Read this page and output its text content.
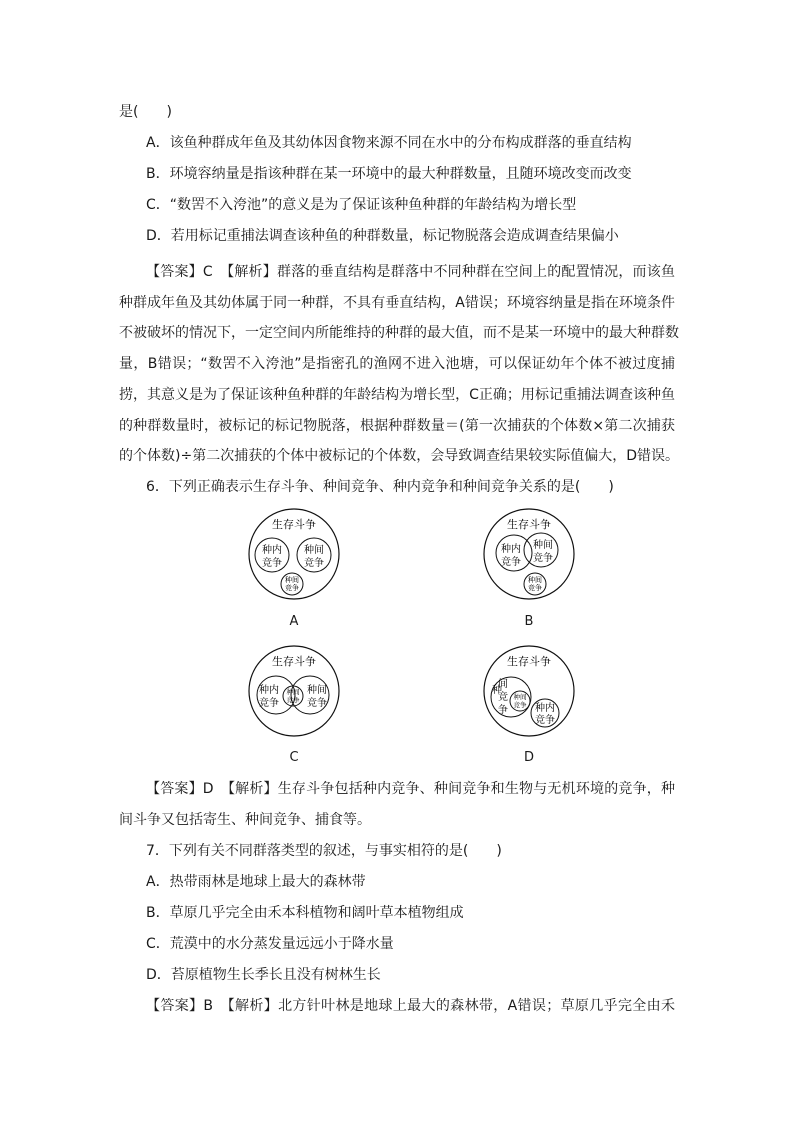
是(　　)
A．该鱼种群成年鱼及其幼体因食物来源不同在水中的分布构成群落的垂直结构
B．环境容纳量是指该种群在某一环境中的最大种群数量，且随环境改变而改变
C．“数罟不入洿池”的意义是为了保证该种鱼种群的年龄结构为增长型
D．若用标记重捕法调查该种鱼的种群数量，标记物脱落会造成调查结果偏小
【答案】C　【解析】群落的垂直结构是群落中不同种群在空间上的配置情况，而该鱼
种群成年鱼及其幼体属于同一种群，不具有垂直结构，A错误；环境容纳量是指在环境条件
不被破坏的情况下，一定空间内所能维持的种群的最大值，而不是某一环境中的最大种群数
量，B错误；“数罟不入洿池”是指密孔的渔网不进入池塘，可以保证幼年个体不被过度捕
捞，其意义是为了保证该种鱼种群的年龄结构为增长型，C正确；用标记重捕法调查该种鱼
的种群数量时，被标记的标记物脱落，根据种群数量＝(第一次捕获的个体数×第二次捕获
的个体数)÷第二次捕获的个体中被标记的个体数，会导致调查结果较实际值偏大，D错误。
6．下列正确表示生存斗争、种间竞争、种内竞争和种间竞争关系的是(　　)
生存斗争
种内
竞争
种间
竞争
种间
竞争
A
生存斗争
种内
竞争
种间
竞争
种间
竞争
B
生存斗争
种内
竞争
种间
竞争
种间
竞争
C
生存斗争
种
间
竞
争
种间
竞争 种内
竞争
D
【答案】D　【解析】生存斗争包括种内竞争、种间竞争和生物与无机环境的竞争，种
间斗争又包括寄生、种间竞争、捕食等。
7．下列有关不同群落类型的叙述，与事实相符的是(　　)
A．热带雨林是地球上最大的森林带
B．草原几乎完全由禾本科植物和阔叶草本植物组成
C．荒漠中的水分蒸发量远远小于降水量
D．苔原植物生长季长且没有树林生长
【答案】B　【解析】北方针叶林是地球上最大的森林带，A错误；草原几乎完全由禾
